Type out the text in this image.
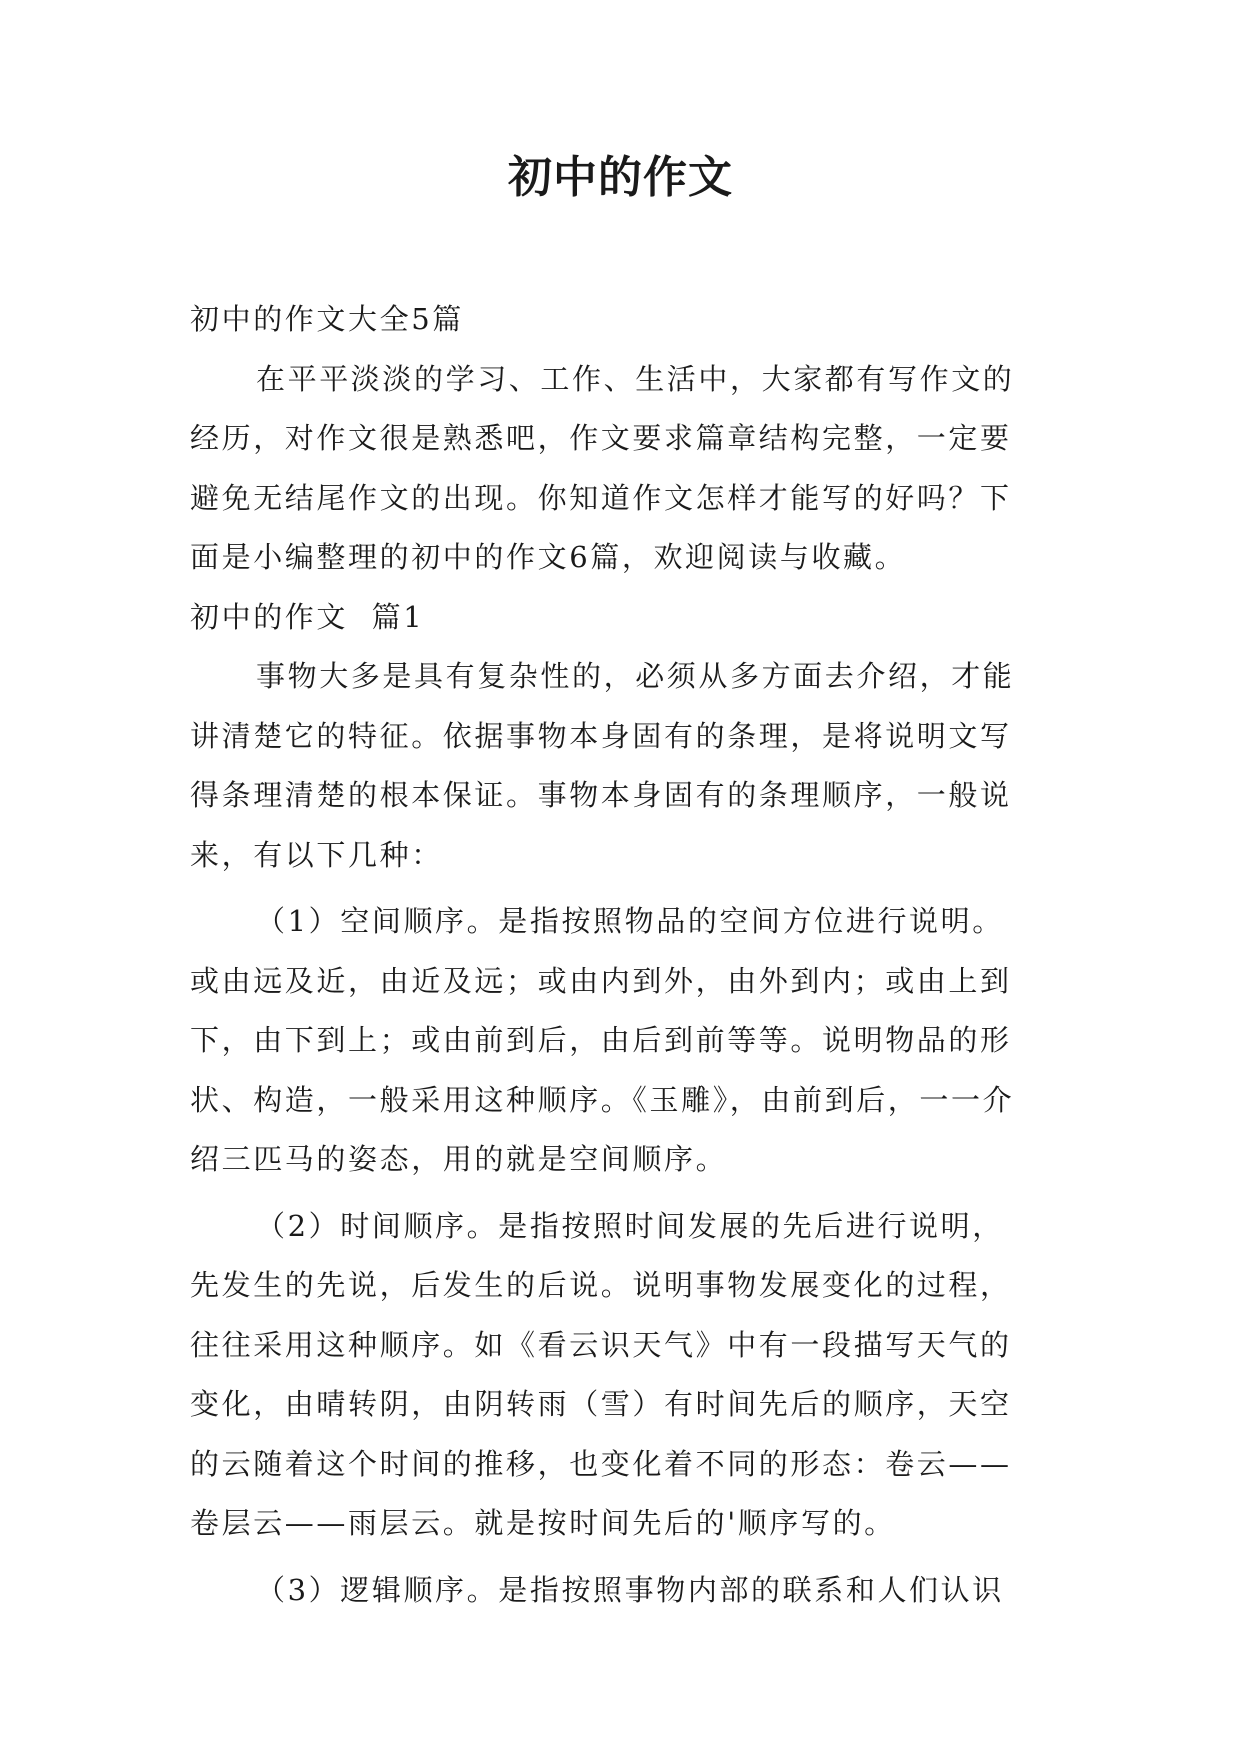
初中的作文

初中的作文大全5篇

在平平淡淡的学习、工作、生活中，大家都有写作文的

经历，对作文很是熟悉吧，作文要求篇章结构完整，一定要

避免无结尾作文的出现。你知道作文怎样才能写的好吗？下

面是小编整理的初中的作文6篇，欢迎阅读与收藏。

初中的作文  篇1

事物大多是具有复杂性的，必须从多方面去介绍，才能

讲清楚它的特征。依据事物本身固有的条理，是将说明文写

得条理清楚的根本保证。事物本身固有的条理顺序，一般说

来，有以下几种：

（1）空间顺序。是指按照物品的空间方位进行说明。

或由远及近，由近及远；或由内到外，由外到内；或由上到

下，由下到上；或由前到后，由后到前等等。说明物品的形

状、构造，一般采用这种顺序。《玉雕》，由前到后，一一介

绍三匹马的姿态，用的就是空间顺序。

（2）时间顺序。是指按照时间发展的先后进行说明，

先发生的先说，后发生的后说。说明事物发展变化的过程，

往往采用这种顺序。如《看云识天气》中有一段描写天气的

变化，由晴转阴，由阴转雨（雪）有时间先后的顺序，天空

的云随着这个时间的推移，也变化着不同的形态：卷云——

卷层云——雨层云。就是按时间先后的'顺序写的。

（3）逻辑顺序。是指按照事物内部的联系和人们认识
